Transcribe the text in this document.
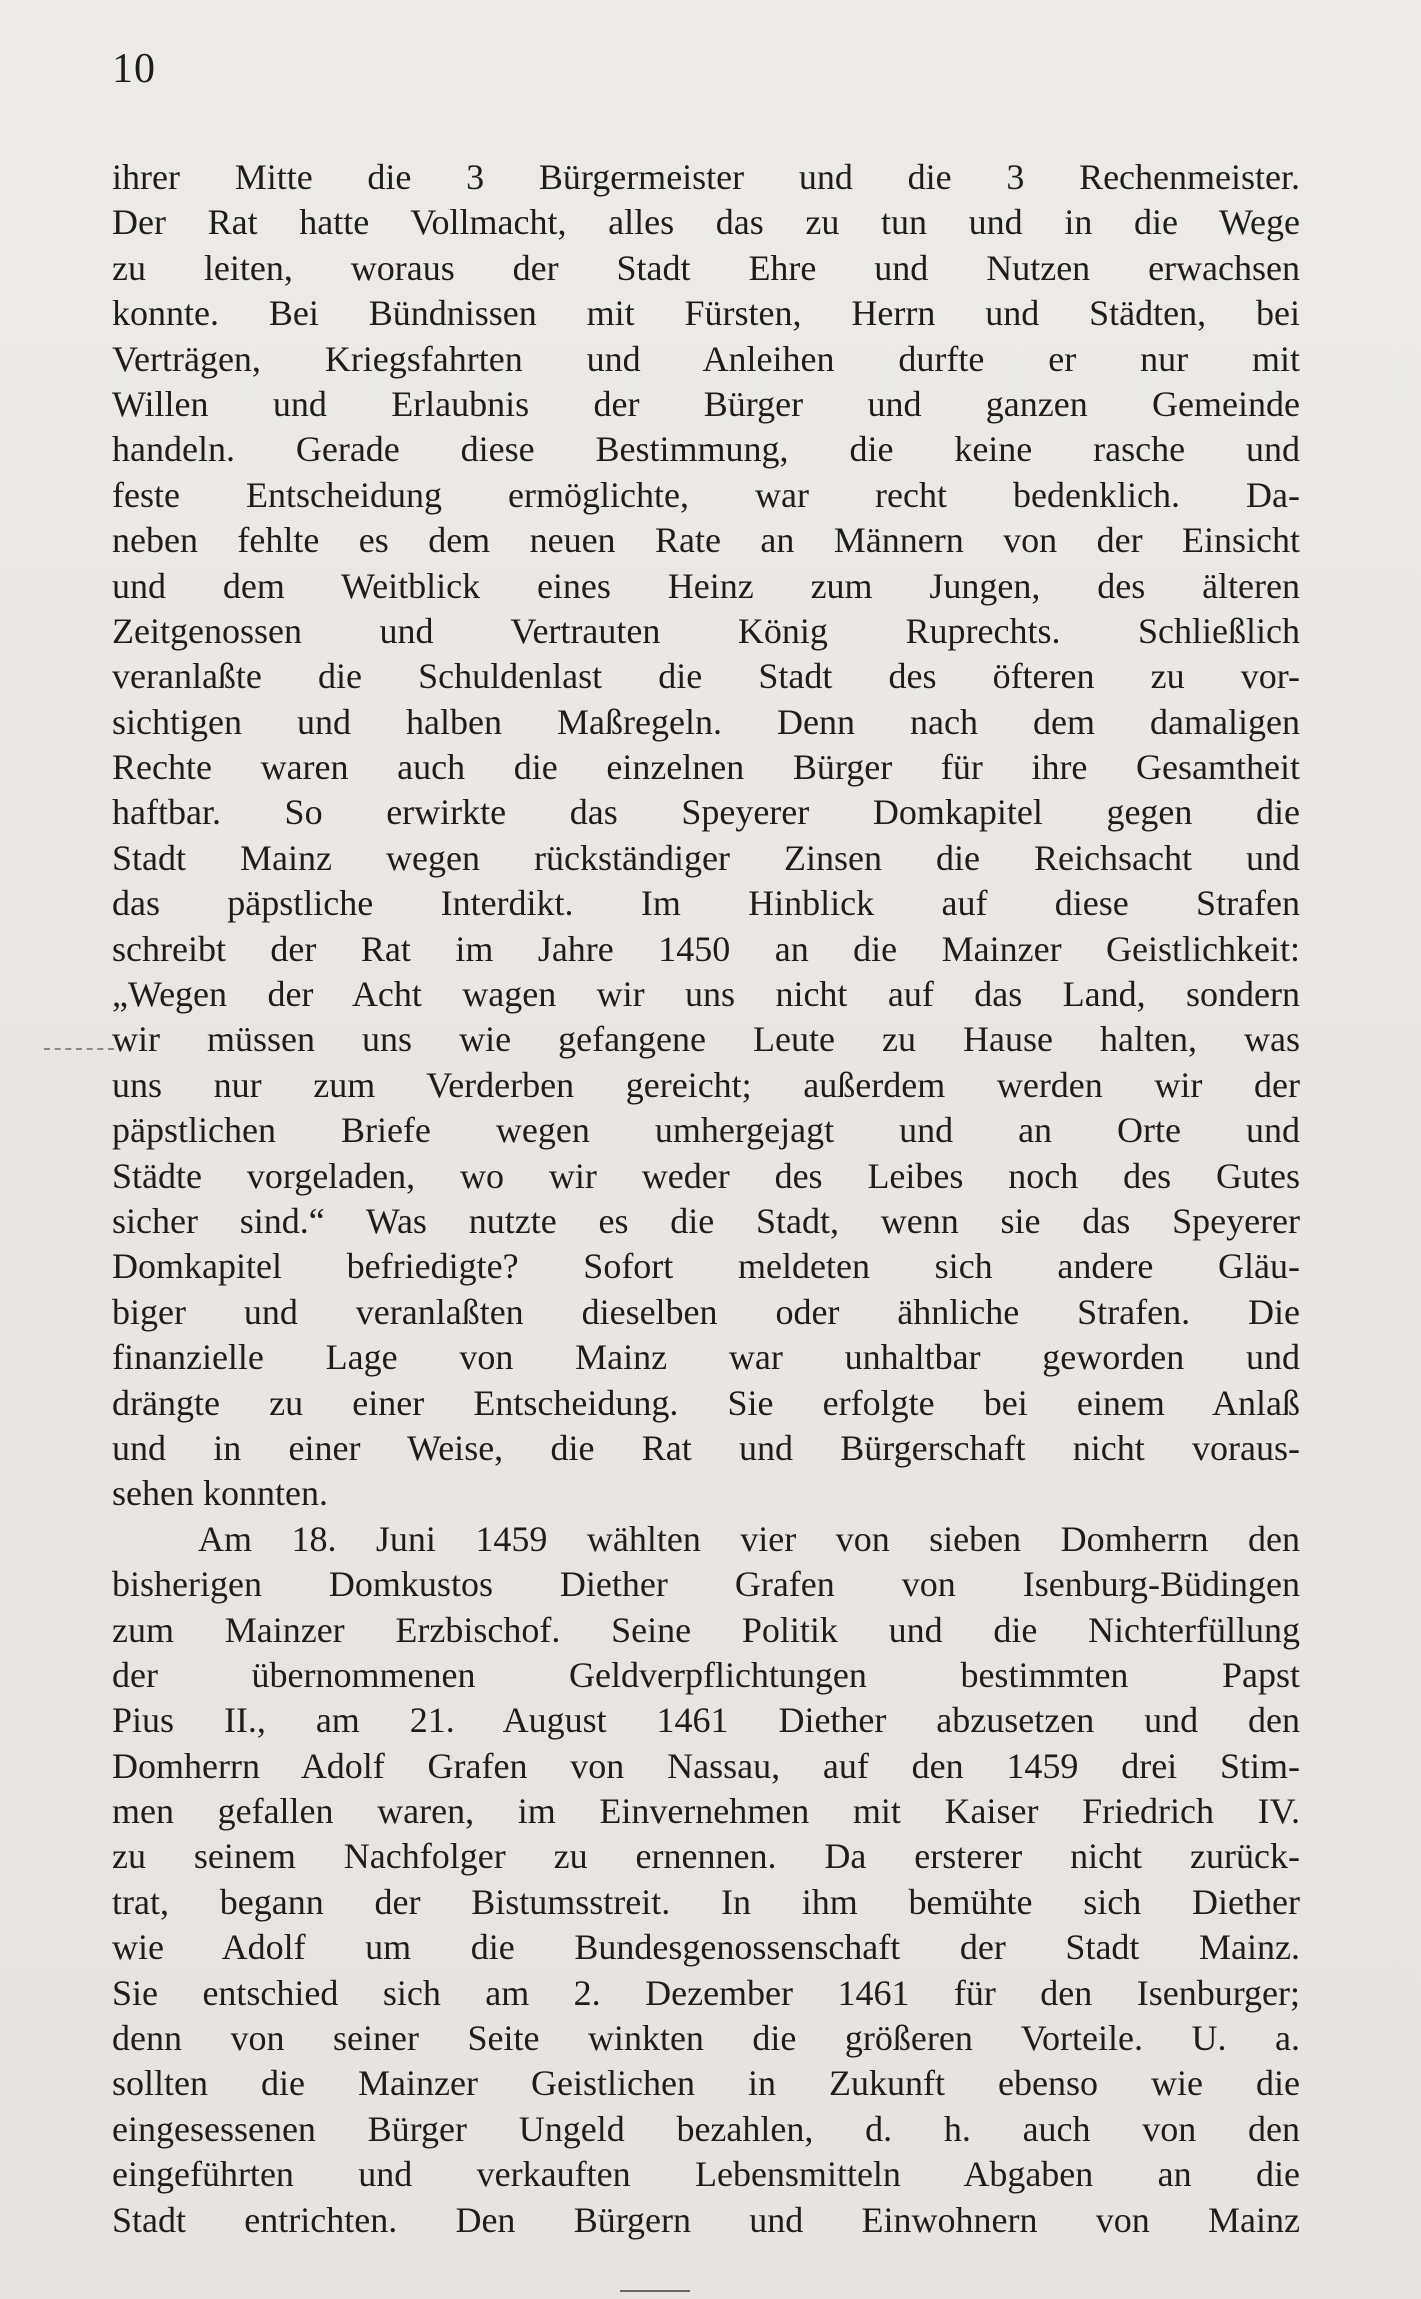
10
ihrer Mitte die 3 Bürgermeister und die 3 Rechenmeister.
Der Rat hatte Vollmacht, alles das zu tun und in die Wege
zu leiten, woraus der Stadt Ehre und Nutzen erwachsen
konnte. Bei Bündnissen mit Fürsten, Herrn und Städten, bei
Verträgen, Kriegsfahrten und Anleihen durfte er nur mit
Willen und Erlaubnis der Bürger und ganzen Gemeinde
handeln. Gerade diese Bestimmung, die keine rasche und
feste Entscheidung ermöglichte, war recht bedenklich. Da-
neben fehlte es dem neuen Rate an Männern von der Einsicht
und dem Weitblick eines Heinz zum Jungen, des älteren
Zeitgenossen und Vertrauten König Ruprechts. Schließlich
veranlaßte die Schuldenlast die Stadt des öfteren zu vor-
sichtigen und halben Maßregeln. Denn nach dem damaligen
Rechte waren auch die einzelnen Bürger für ihre Gesamtheit
haftbar. So erwirkte das Speyerer Domkapitel gegen die
Stadt Mainz wegen rückständiger Zinsen die Reichsacht und
das päpstliche Interdikt. Im Hinblick auf diese Strafen
schreibt der Rat im Jahre 1450 an die Mainzer Geistlichkeit:
„Wegen der Acht wagen wir uns nicht auf das Land, sondern
wir müssen uns wie gefangene Leute zu Hause halten, was
uns nur zum Verderben gereicht; außerdem werden wir der
päpstlichen Briefe wegen umhergejagt und an Orte und
Städte vorgeladen, wo wir weder des Leibes noch des Gutes
sicher sind.“ Was nutzte es die Stadt, wenn sie das Speyerer
Domkapitel befriedigte? Sofort meldeten sich andere Gläu-
biger und veranlaßten dieselben oder ähnliche Strafen. Die
finanzielle Lage von Mainz war unhaltbar geworden und
drängte zu einer Entscheidung. Sie erfolgte bei einem Anlaß
und in einer Weise, die Rat und Bürgerschaft nicht voraus-
sehen konnten.
Am 18. Juni 1459 wählten vier von sieben Domherrn den
bisherigen Domkustos Diether Grafen von Isenburg-Büdingen
zum Mainzer Erzbischof. Seine Politik und die Nichterfüllung
der übernommenen Geldverpflichtungen bestimmten Papst
Pius II., am 21. August 1461 Diether abzusetzen und den
Domherrn Adolf Grafen von Nassau, auf den 1459 drei Stim-
men gefallen waren, im Einvernehmen mit Kaiser Friedrich IV.
zu seinem Nachfolger zu ernennen. Da ersterer nicht zurück-
trat, begann der Bistumsstreit. In ihm bemühte sich Diether
wie Adolf um die Bundesgenossenschaft der Stadt Mainz.
Sie entschied sich am 2. Dezember 1461 für den Isenburger;
denn von seiner Seite winkten die größeren Vorteile. U. a.
sollten die Mainzer Geistlichen in Zukunft ebenso wie die
eingesessenen Bürger Ungeld bezahlen, d. h. auch von den
eingeführten und verkauften Lebensmitteln Abgaben an die
Stadt entrichten. Den Bürgern und Einwohnern von Mainz
